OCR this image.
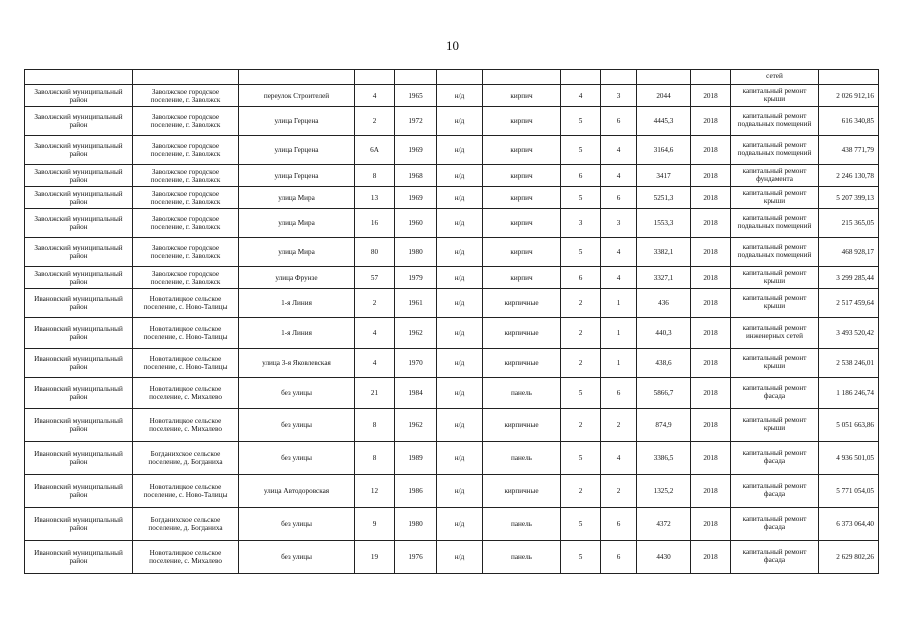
10
											сетей	
Заволжский муниципальный район	Заволжское городское поселение, г. Заволжск	переулок Строителей	4	1965	н/д	кирпич	4	3	2044	2018	капитальный ремонт крыши	2 026 912,16
Заволжский муниципальный район	Заволжское городское поселение, г. Заволжск	улица Герцена	2	1972	н/д	кирпич	5	6	4445,3	2018	капитальный ремонт подвальных помещений	616 340,85
Заволжский муниципальный район	Заволжское городское поселение, г. Заволжск	улица Герцена	6А	1969	н/д	кирпич	5	4	3164,6	2018	капитальный ремонт подвальных помещений	438 771,79
Заволжский муниципальный район	Заволжское городское поселение, г. Заволжск	улица Герцена	8	1968	н/д	кирпич	6	4	3417	2018	капитальный ремонт фундамента	2 246 130,78
Заволжский муниципальный район	Заволжское городское поселение, г. Заволжск	улица Мира	13	1969	н/д	кирпич	5	6	5251,3	2018	капитальный ремонт крыши	5 207 399,13
Заволжский муниципальный район	Заволжское городское поселение, г. Заволжск	улица Мира	16	1960	н/д	кирпич	3	3	1553,3	2018	капитальный ремонт подвальных помещений	215 365,05
Заволжский муниципальный район	Заволжское городское поселение, г. Заволжск	улица Мира	80	1980	н/д	кирпич	5	4	3382,1	2018	капитальный ремонт подвальных помещений	468 928,17
Заволжский муниципальный район	Заволжское городское поселение, г. Заволжск	улица Фрунзе	57	1979	н/д	кирпич	6	4	3327,1	2018	капитальный ремонт крыши	3 299 285,44
Ивановский муниципальный район	Новоталицкое сельское поселение, с. Ново-Талицы	1-я Линия	2	1961	н/д	кирпичные	2	1	436	2018	капитальный ремонт крыши	2 517 459,64
Ивановский муниципальный район	Новоталицкое сельское поселение, с. Ново-Талицы	1-я Линия	4	1962	н/д	кирпичные	2	1	440,3	2018	капитальный ремонт инженерных сетей	3 493 520,42
Ивановский муниципальный район	Новоталицкое сельское поселение, с. Ново-Талицы	улица 3-я Яковлевская	4	1970	н/д	кирпичные	2	1	438,6	2018	капитальный ремонт крыши	2 538 246,01
Ивановский муниципальный район	Новоталицкое сельское поселение, с. Михалево	без улицы	21	1984	н/д	панель	5	6	5866,7	2018	капитальный ремонт фасада	1 186 246,74
Ивановский муниципальный район	Новоталицкое сельское поселение, с. Михалево	без улицы	8	1962	н/д	кирпичные	2	2	874,9	2018	капитальный ремонт крыши	5 051 663,86
Ивановский муниципальный район	Богданихское сельское поселение, д. Богданиха	без улицы	8	1989	н/д	панель	5	4	3386,5	2018	капитальный ремонт фасада	4 936 501,05
Ивановский муниципальный район	Новоталицкое сельское поселение, с. Ново-Талицы	улица Автодоровская	12	1986	н/д	кирпичные	2	2	1325,2	2018	капитальный ремонт фасада	5 771 054,05
Ивановский муниципальный район	Богданихское сельское поселение, д. Богданиха	без улицы	9	1980	н/д	панель	5	6	4372	2018	капитальный ремонт фасада	6 373 064,40
Ивановский муниципальный район	Новоталицкое сельское поселение, с. Михалево	без улицы	19	1976	н/д	панель	5	6	4430	2018	капитальный ремонт фасада	2 629 802,26
